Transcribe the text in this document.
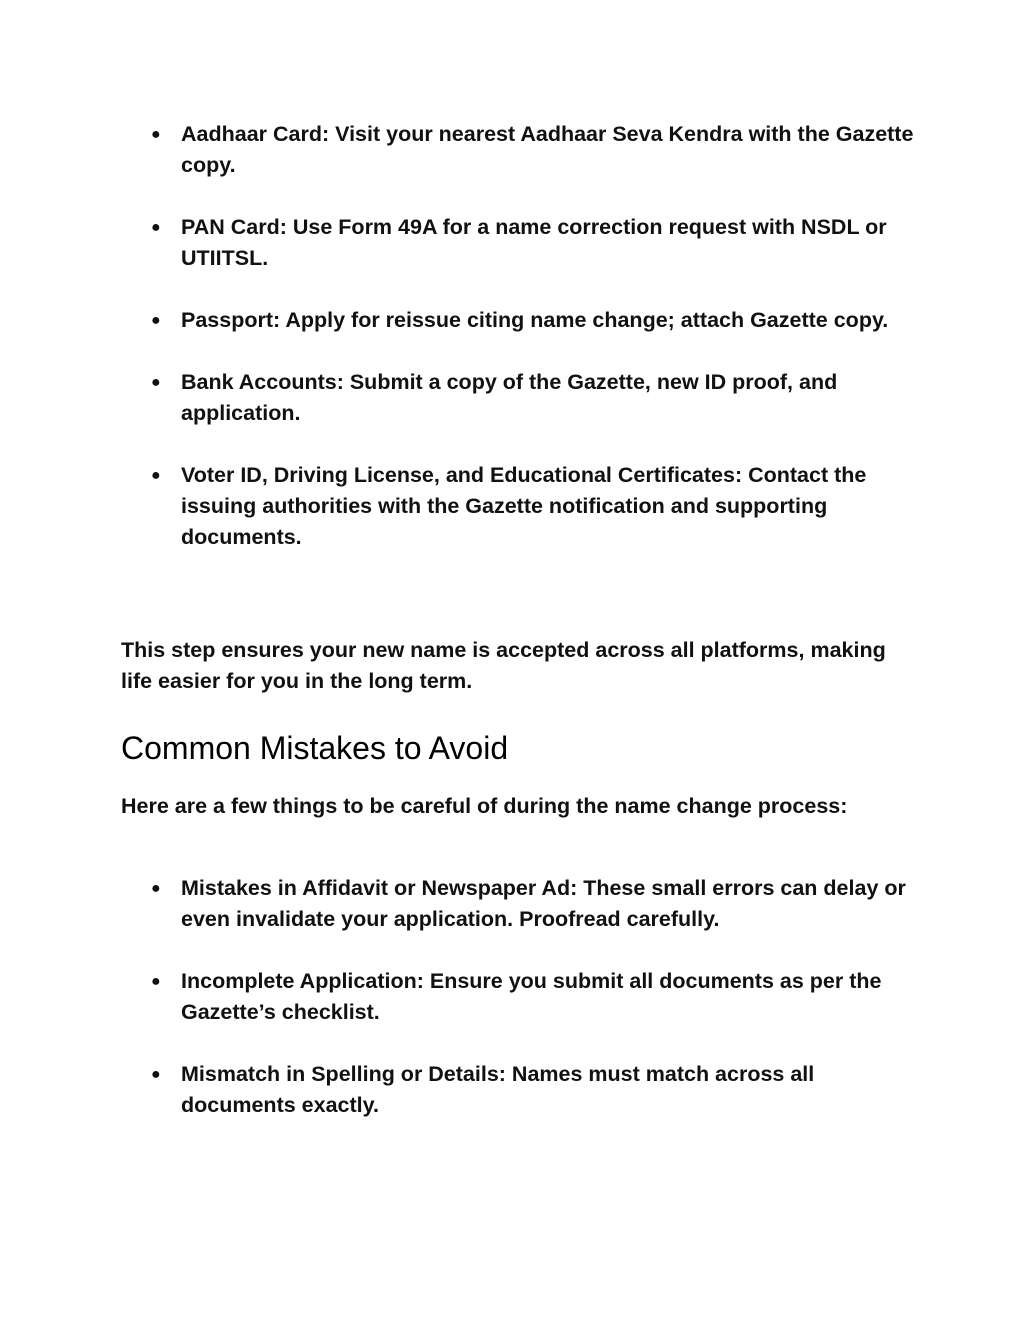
● Aadhaar Card: Visit your nearest Aadhaar Seva Kendra with the Gazette copy.
● PAN Card: Use Form 49A for a name correction request with NSDL or UTIITSL.
● Passport: Apply for reissue citing name change; attach Gazette copy.
● Bank Accounts: Submit a copy of the Gazette, new ID proof, and application.
● Voter ID, Driving License, and Educational Certificates: Contact the issuing authorities with the Gazette notification and supporting documents.

This step ensures your new name is accepted across all platforms, making life easier for you in the long term.

Common Mistakes to Avoid

Here are a few things to be careful of during the name change process:

● Mistakes in Affidavit or Newspaper Ad: These small errors can delay or even invalidate your application. Proofread carefully.
● Incomplete Application: Ensure you submit all documents as per the Gazette’s checklist.
● Mismatch in Spelling or Details: Names must match across all documents exactly.
